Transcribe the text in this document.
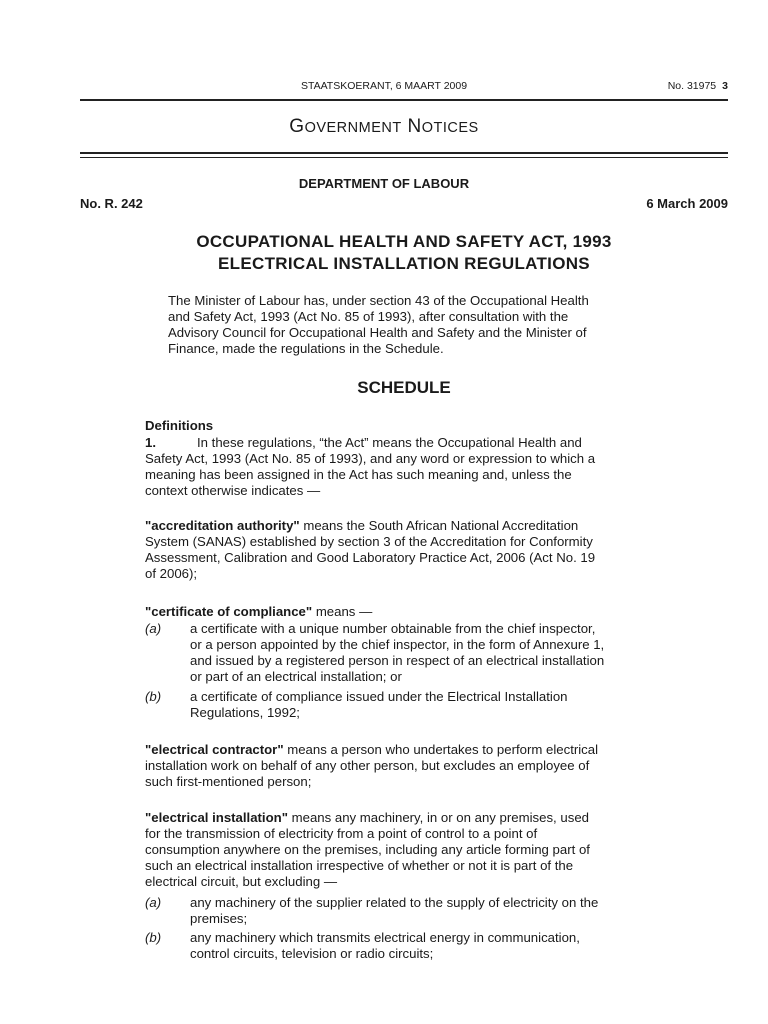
STAATSKOERANT, 6 MAART 2009	No. 31975 3
GOVERNMENT NOTICES
DEPARTMENT OF LABOUR
No. R. 242	6 March 2009
OCCUPATIONAL HEALTH AND SAFETY ACT, 1993
ELECTRICAL INSTALLATION REGULATIONS
The Minister of Labour has, under section 43 of the Occupational Health
and Safety Act, 1993 (Act No. 85 of 1993), after consultation with the
Advisory Council for Occupational Health and Safety and the Minister of
Finance, made the regulations in the Schedule.
SCHEDULE
Definitions
1.	In these regulations, “the Act” means the Occupational Health and
Safety Act, 1993 (Act No. 85 of 1993), and any word or expression to which a
meaning has been assigned in the Act has such meaning and, unless the
context otherwise indicates —
"accreditation authority" means the South African National Accreditation
System (SANAS) established by section 3 of the Accreditation for Conformity
Assessment, Calibration and Good Laboratory Practice Act, 2006 (Act No. 19
of 2006);
"certificate of compliance" means —
(a) a certificate with a unique number obtainable from the chief inspector,
or a person appointed by the chief inspector, in the form of Annexure 1,
and issued by a registered person in respect of an electrical installation
or part of an electrical installation; or
(b) a certificate of compliance issued under the Electrical Installation
Regulations, 1992;
"electrical contractor" means a person who undertakes to perform electrical
installation work on behalf of any other person, but excludes an employee of
such first-mentioned person;
"electrical installation" means any machinery, in or on any premises, used
for the transmission of electricity from a point of control to a point of
consumption anywhere on the premises, including any article forming part of
such an electrical installation irrespective of whether or not it is part of the
electrical circuit, but excluding —
(a) any machinery of the supplier related to the supply of electricity on the
premises;
(b) any machinery which transmits electrical energy in communication,
control circuits, television or radio circuits;
